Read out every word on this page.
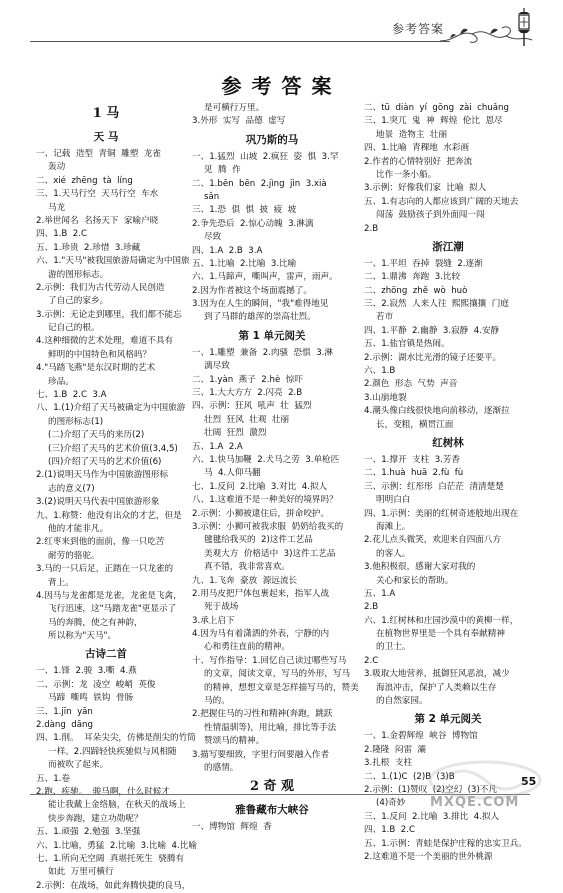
参考答案
参考答案
1 马
天 马
一、记载  造型  青铜  雕塑  龙雀
轰动
二、xié  zhēng  tà  líng
三、1.天马行空  天马行空  车水
马龙
2.举世闻名  名扬天下  家喻户晓
四、1.B  2.C
五、1.珍贵  2.珍惜  3.珍藏
六、1."天马"被我国旅游局确定为中国旅
游的图形标志。
2.示例：我们为古代劳动人民创造
了自己的家乡。
3.示例：无论走到哪里，我们都不能忘
记自己的根。
4.这种细微的艺术处理，难道不具有
鲜明的中国特色和风格吗？
4."马踏飞燕"是东汉时期的艺术
珍品。
七、1.B  2.C  3.A
八、1.(1)介绍了天马被确定为中国旅游
的图形标志(1)
(二)介绍了天马的来历(2)
(三)介绍了天马的艺术价值(3,4,5)
(四)介绍了天马的艺术价值(6)
2.(1)说明天马作为中国旅游图形标
志的意义(7)
3.(2)说明天马代表中国旅游形象
九、1.称赞：他没有出众的才艺，但是
他的才能非凡。
2.红枣来到他的面前，像一只吃苦
耐劳的骆驼。
3.马的一只后足，正踏在一只龙雀的
背上。
4.因马与龙雀都是龙雀，龙雀是飞禽，
飞行迅速，这"马踏龙雀"更显示了
马的奔腾，使之有神韵，
所以称为"天马"。
古诗二首
一、1.锋  2.骏  3.嘶  4.燕
二、示例：龙  凌空  峻峭  英俊
马蹄  嘶鸣  铁钩  骨肠
三、1.jīn  yān
2.dàng  dāng
四、1.削。  耳朵尖尖，仿佛是削尖的竹筒
一样。2.四蹄轻快疾驰似与风相随
而被吹了起来。
五、1.卷
2.跑、疾驰。  骏马啊，什么时候才
能让我戴上金络脑，在秋天的战场上
快步奔跑，建立功勋呢？
五、1.顽强  2.勉强  3.坚强
六、1.比喻，勇猛  2.比喻  3.比喻  4.比喻
七、1.所向无空阔  真堪托死生  骁腾有
如此  万里可横行
2.示例：在战场，如此奔腾快捷的良马，
是可横行万里。
3.外形  实写  品德  虚写
巩乃斯的马
一、1.猛烈  山坡  2.疯狂  姿  惧  3.罕
见  腾  作
二、1.bēn  bēn  2.jìng  jìn  3.xià
sǎn
三、1.恐  俱  惧  披  疲  坡
2.争先恐后  2.惊心动魄  3.淋漓
尽致
四、1.A  2.B  3.A
五、1.比喻  2.比喻  3.比喻
六、1.马蹄声，嘶叫声，雷声，雨声。
2.因为作者被这个场面震撼了。
3.因为在人生的瞬间，"我"难得地见
到了马群的雄浑的崇高壮烈。
第 1 单元阅关
一、1.雕塑  兼备  2.肉骚  恐惧  3.淋
漓尽致
二、1.yàn  燕子  2.hè  惊吓
三、1.大大方方  2.闪亮  2.B
四、示例：狂风  吼声  壮  猛烈
壮烈  狂风  壮观  壮丽
壮阔  狂烈  激烈
五、1.A  2.A
六、1.快马加鞭  2.犬马之劳  3.单枪匹
马  4.人仰马翻
七、1.反问  2.比喻  3.对比  4.拟人
八、1.这难道不是一种美好的境界吗？
2.示例：小狮被逮住后，拼命咬护。
3.示例：小狮可被我求服  奶奶给我买的
毽毽给我买的  2)这件工艺品
美观大方  价格适中  3)这件工艺品
真不错，我非常喜欢。
九、1.飞奔  豪放  源远流长
2.用马皮把尸体包裹起来，指军人战
死于战场
3.承上启下
4.因为马有着潇洒的外表，宁静的内
心和勇往直前的精神。
十、写作指导：1.回忆自己读过哪些写马
的文章，阅读文章，写马的外形，写马
的精神，想想文章是怎样描写马的，赞美
马的。
2.把握住马的习性和精神(奔跑，跳跃
性情温驯等)，用比喻，排比等手法
赞颂马的精神。
3.描写要细致，字里行间要融入作者
的感情。
2 奇 观
雅鲁藏布大峡谷
一、博物馆  辉煌  香
二、tū  diàn  yí  gōng  zài  chuǎng
三、1.突兀  鬼  神  辉煌  伦比  恩尽
地景  造物主  壮丽
四、1.比喻  青稞地  水彩画
2.作者的心情特别好  把奔流
比作一条小船。
3.示例：好像我们家  比喻  拟人
五、1.有志向的人都应该到广阔的天地去
闯荡  鼓励孩子到外面闯一闯
2.B
浙江潮
一、1.平坦  吞掉  裂缝  2.逐渐
二、1.鼎沸  奔跑  3.比较
二、zhōng  zhě  wò  huò
三、2.寂然  人来人往  熙熙攘攘  门庭
若市
四、1.平静  2.幽静  3.寂静  4.安静
五、1.盐官镇是热闹。
2.示例：湖水比光滑的镜子还要平。
六、1.B
2.颜色  形态  气势  声音
3.山崩地裂
4.潮头像白线很快地向前移动，逐渐拉
长，变粗，横贯江面
红树林
一、1.撑开  支柱  3.芳香
二、1.huà  huā  2.fù  fù
三、示例：红彤彤  白茫茫  清清楚楚
明明白白
四、1.示例：美丽的红树奇迹般地出现在
海滩上。
2.花儿点头微笑，欢迎来自四面八方
的客人。
3.他积极很，感谢大家对我的
关心和家长的帮助。
五、1.A
2.B
六、1.红树林和庄园沙漠中的黄柳一样，
在植物世界里是一个具有奉献精神
的卫士。
2.C
3.吸取大地营养，抵御狂风恶浪，减少
海浪冲击，保护了人类赖以生存
的自然家园。
第 2 单元阅关
一、1.金碧辉煌  峡谷  博物馆
2.隆隆  闷雷  灞
3.扎根  支柱
二、1.(1)C  (2)B  (3)B
2.示例：(1)赞叹  (2)空幻  (3)不凡
(4)奇妙
三、1.反问  2.比喻  3.排比  4.拟人
四、1.B  2.C
五、1.示例：青蛙是保护庄稼的忠实卫兵。
2.这难道不是一个美丽的世外桃源
55
MXQE.COM
